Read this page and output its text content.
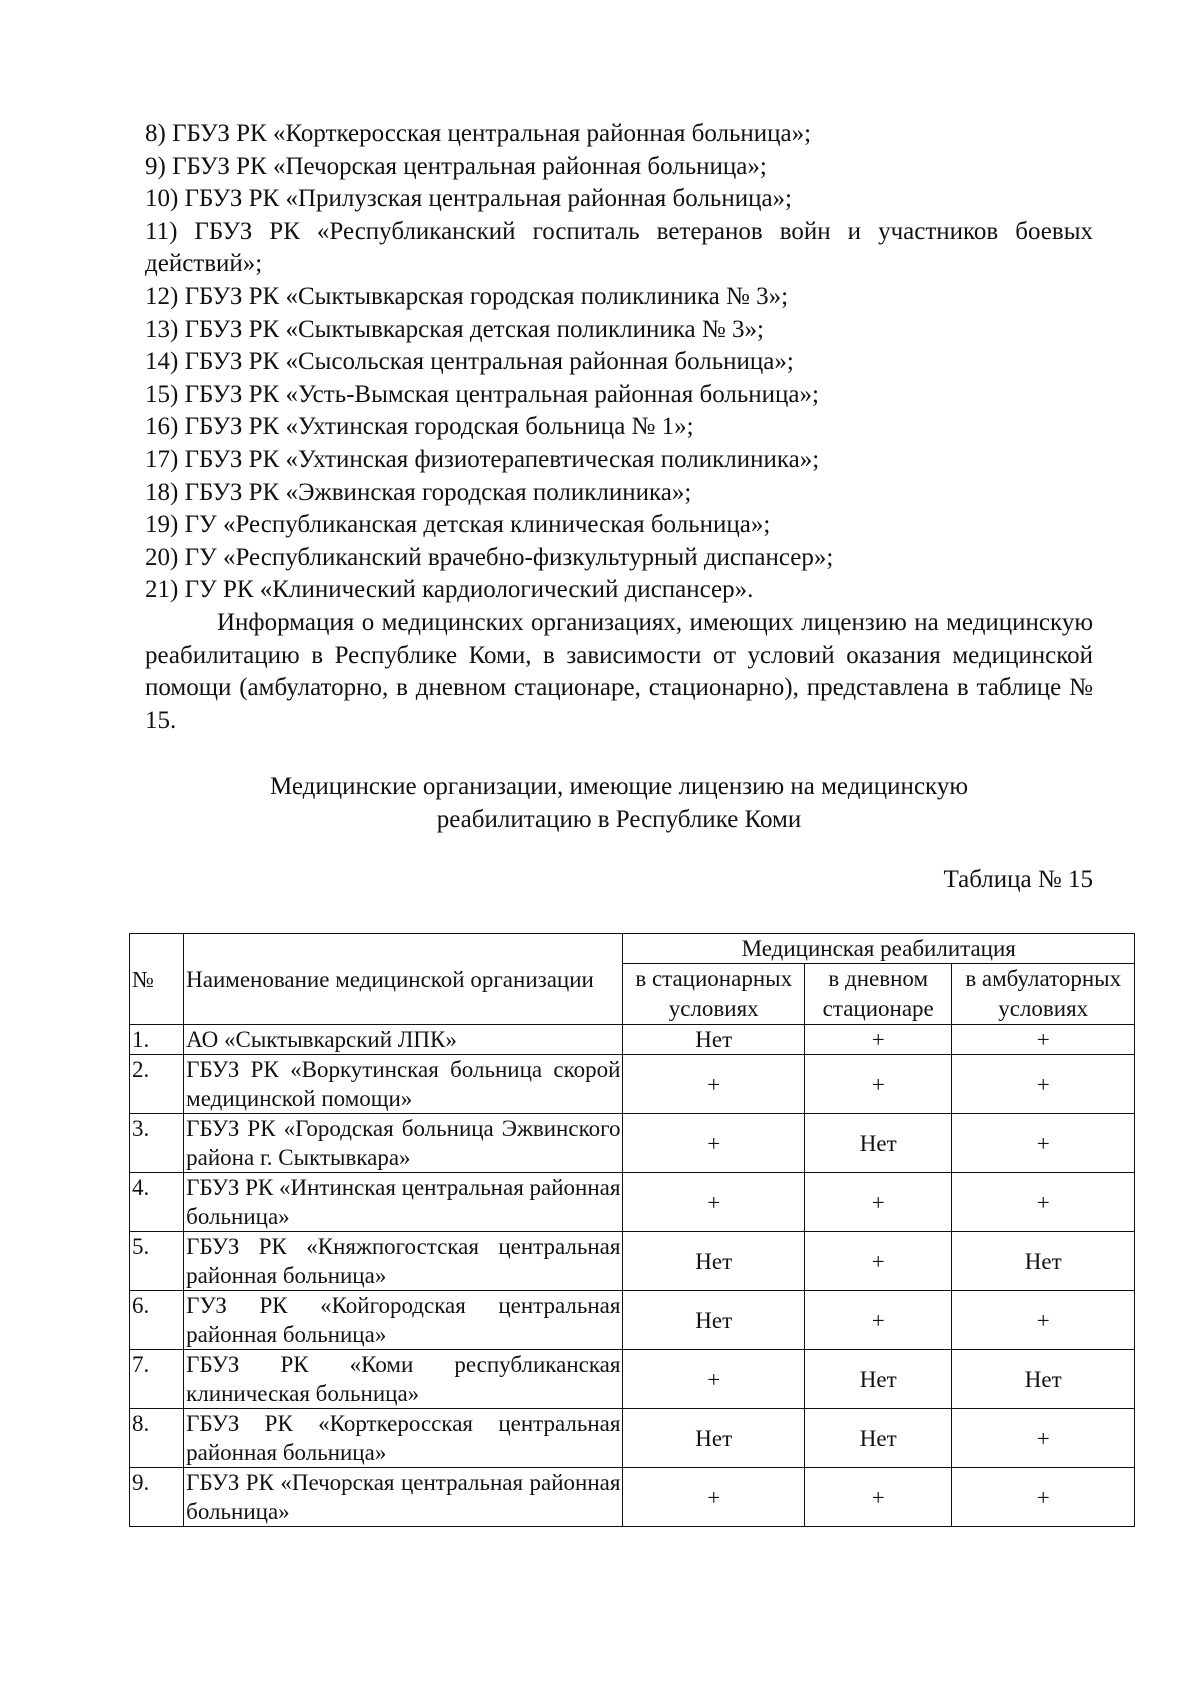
8) ГБУЗ РК «Корткеросская центральная районная больница»;

9) ГБУЗ РК «Печорская центральная районная больница»;

10) ГБУЗ РК «Прилузская центральная районная больница»;

11) ГБУЗ РК «Республиканский госпиталь ветеранов войн и участников боевых действий»;

12) ГБУЗ РК «Сыктывкарская городская поликлиника № 3»;

13) ГБУЗ РК «Сыктывкарская детская поликлиника № 3»;

14) ГБУЗ РК «Сысольская центральная районная больница»;

15) ГБУЗ РК «Усть-Вымская центральная районная больница»;

16) ГБУЗ РК «Ухтинская городская больница № 1»;

17) ГБУЗ РК «Ухтинская физиотерапевтическая поликлиника»;

18) ГБУЗ РК «Эжвинская городская поликлиника»;

19) ГУ «Республиканская детская клиническая больница»;

20) ГУ «Республиканский врачебно-физкультурный диспансер»;

21) ГУ РК «Клинический кардиологический диспансер».

Информация о медицинских организациях, имеющих лицензию на медицинскую реабилитацию в Республике Коми, в зависимости от условий оказания медицинской помощи (амбулаторно, в дневном стационаре, стационарно), представлена в таблице № 15.

Медицинские организации, имеющие лицензию на медицинскую
реабилитацию в Республике Коми

Таблица № 15

№	Наименование медицинской организации	Медицинская реабилитация		
		в стационарных условиях	в дневном стационаре	в амбулаторных условиях
1.	АО «Сыктывкарский ЛПК»	Нет	+	+
2.	ГБУЗ РК «Воркутинская больница скорой медицинской помощи»	+	+	+
3.	ГБУЗ РК «Городская больница Эжвинского района г. Сыктывкара»	+	Нет	+
4.	ГБУЗ РК «Интинская центральная районная больница»	+	+	+
5.	ГБУЗ РК «Княжпогостская центральная районная больница»	Нет	+	Нет
6.	ГУЗ РК «Койгородская центральная районная больница»	Нет	+	+
7.	ГБУЗ РК «Коми республиканская клиническая больница»	+	Нет	Нет
8.	ГБУЗ РК «Корткеросская центральная районная больница»	Нет	Нет	+
9.	ГБУЗ РК «Печорская центральная районная больница»	+	+	+
